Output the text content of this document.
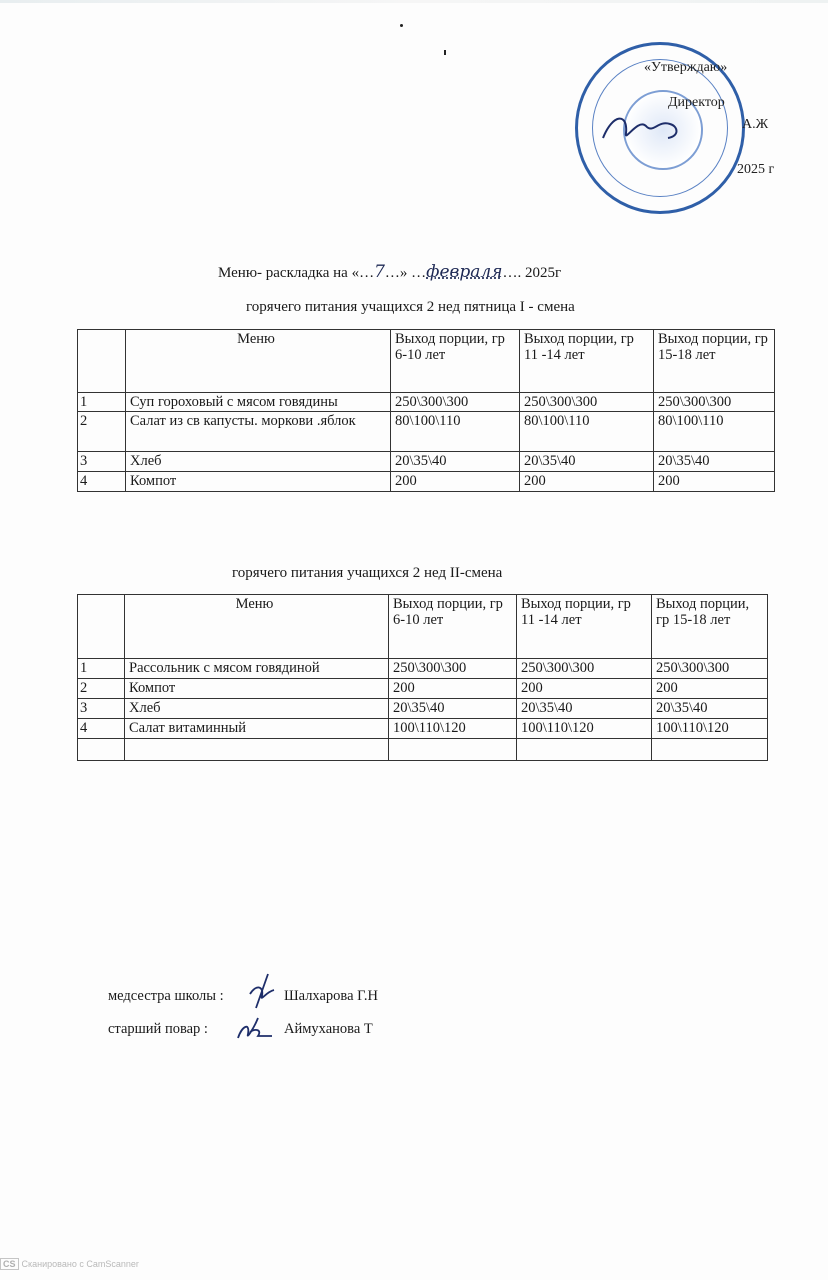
«Утверждаю»
Директор
А.Ж
2025 г
Меню- раскладка на «…7…» …февраля…. 2025г
горячего питания учащихся 2 нед пятница I - смена
	Меню	Выход порции, гр 6-10 лет	Выход порции, гр 11 -14 лет	Выход порции, гр 15-18 лет
1	Суп гороховый с мясом говядины	250\300\300	250\300\300	250\300\300
2	Салат из св капусты. моркови .яблок	80\100\110	80\100\110	80\100\110
3	Хлеб	20\35\40	20\35\40	20\35\40
4	Компот	200	200	200
горячего питания учащихся 2 нед II-смена
	Меню	Выход порции, гр 6-10 лет	Выход порции, гр 11 -14 лет	Выход порции, гр 15-18 лет
1	Рассольник с мясом говядиной	250\300\300	250\300\300	250\300\300
2	Компот	200	200	200
3	Хлеб	20\35\40	20\35\40	20\35\40
4	Салат витаминный	100\110\120	100\110\120	100\110\120

медсестра школы :	Шалхарова Г.Н
старший повар :	Аймуханова Т
CS Сканировано с CamScanner
